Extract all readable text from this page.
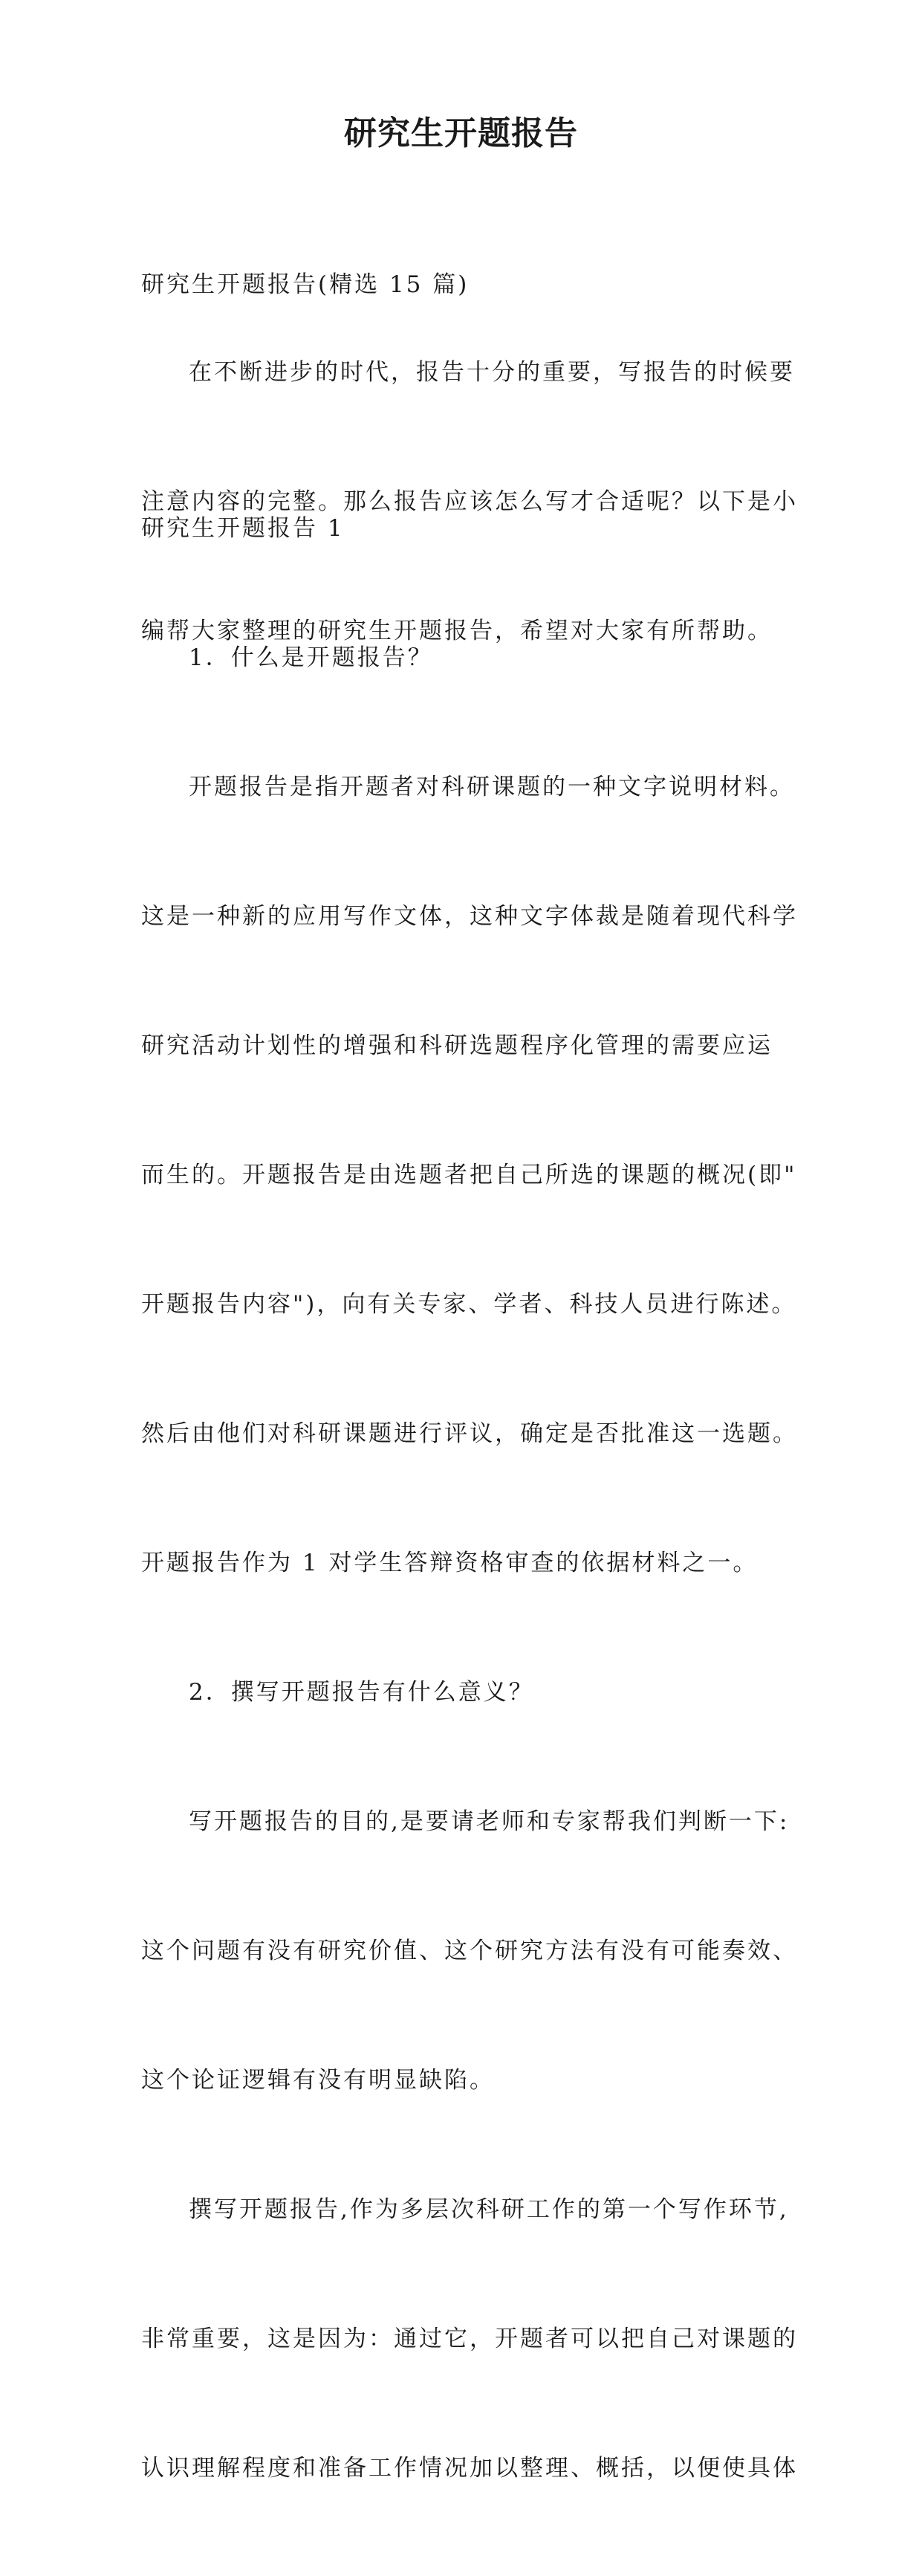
研究生开题报告

研究生开题报告(精选 15 篇)

在不断进步的时代，报告十分的重要，写报告的时候要

注意内容的完整。那么报告应该怎么写才合适呢？以下是小

编帮大家整理的研究生开题报告，希望对大家有所帮助。

研究生开题报告 1

1．什么是开题报告？

开题报告是指开题者对科研课题的一种文字说明材料。

这是一种新的应用写作文体，这种文字体裁是随着现代科学

研究活动计划性的增强和科研选题程序化管理的需要应运

而生的。开题报告是由选题者把自己所选的课题的概况(即"

开题报告内容")，向有关专家、学者、科技人员进行陈述。

然后由他们对科研课题进行评议，确定是否批准这一选题。

开题报告作为 1 对学生答辩资格审查的依据材料之一。

2．撰写开题报告有什么意义？

写开题报告的目的,是要请老师和专家帮我们判断一下:

这个问题有没有研究价值、这个研究方法有没有可能奏效、

这个论证逻辑有没有明显缺陷。

撰写开题报告,作为多层次科研工作的第一个写作环节,

非常重要，这是因为：通过它，开题者可以把自己对课题的

认识理解程度和准备工作情况加以整理、概括，以便使具体
